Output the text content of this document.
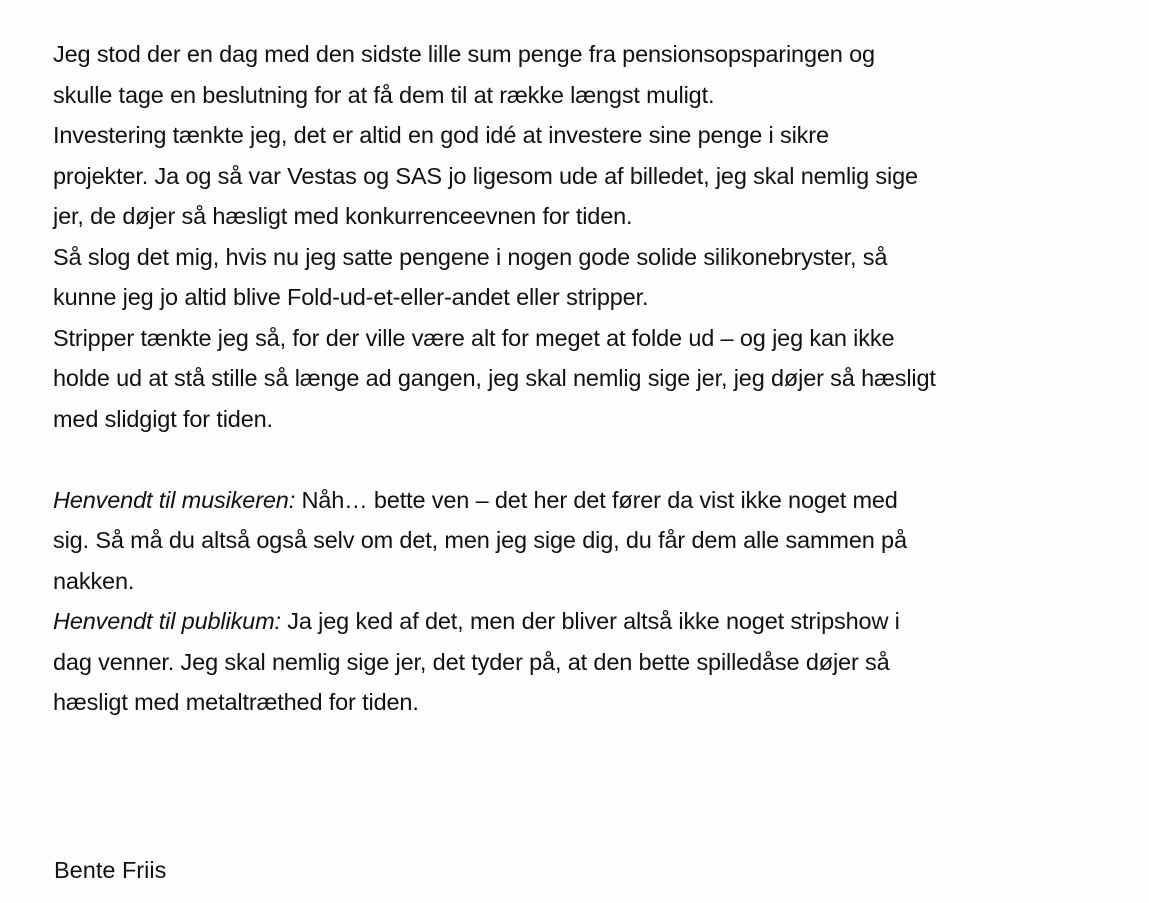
Jeg stod der en dag med den sidste lille sum penge fra pensionsopsparingen og
skulle tage en beslutning for at få dem til at række længst muligt.
Investering tænkte jeg, det er altid en god idé at investere sine penge i sikre
projekter. Ja og så var Vestas og SAS jo ligesom ude af billedet, jeg skal nemlig sige
jer, de døjer så hæsligt med konkurrenceevnen for tiden.
Så slog det mig, hvis nu jeg satte pengene i nogen gode solide silikonebryster, så
kunne jeg jo altid blive Fold-ud-et-eller-andet eller stripper.
Stripper tænkte jeg så, for der ville være alt for meget at folde ud – og jeg kan ikke
holde ud at stå stille så længe ad gangen, jeg skal nemlig sige jer, jeg døjer så hæsligt
med slidgigt for tiden.
Henvendt til musikeren: Nåh… bette ven – det her det fører da vist ikke noget med
sig. Så må du altså også selv om det, men jeg sige dig, du får dem alle sammen på
nakken.
Henvendt til publikum: Ja jeg ked af det, men der bliver altså ikke noget stripshow i
dag venner. Jeg skal nemlig sige jer, det tyder på, at den bette spilledåse døjer så
hæsligt med metaltræthed for tiden.
Bente Friis
